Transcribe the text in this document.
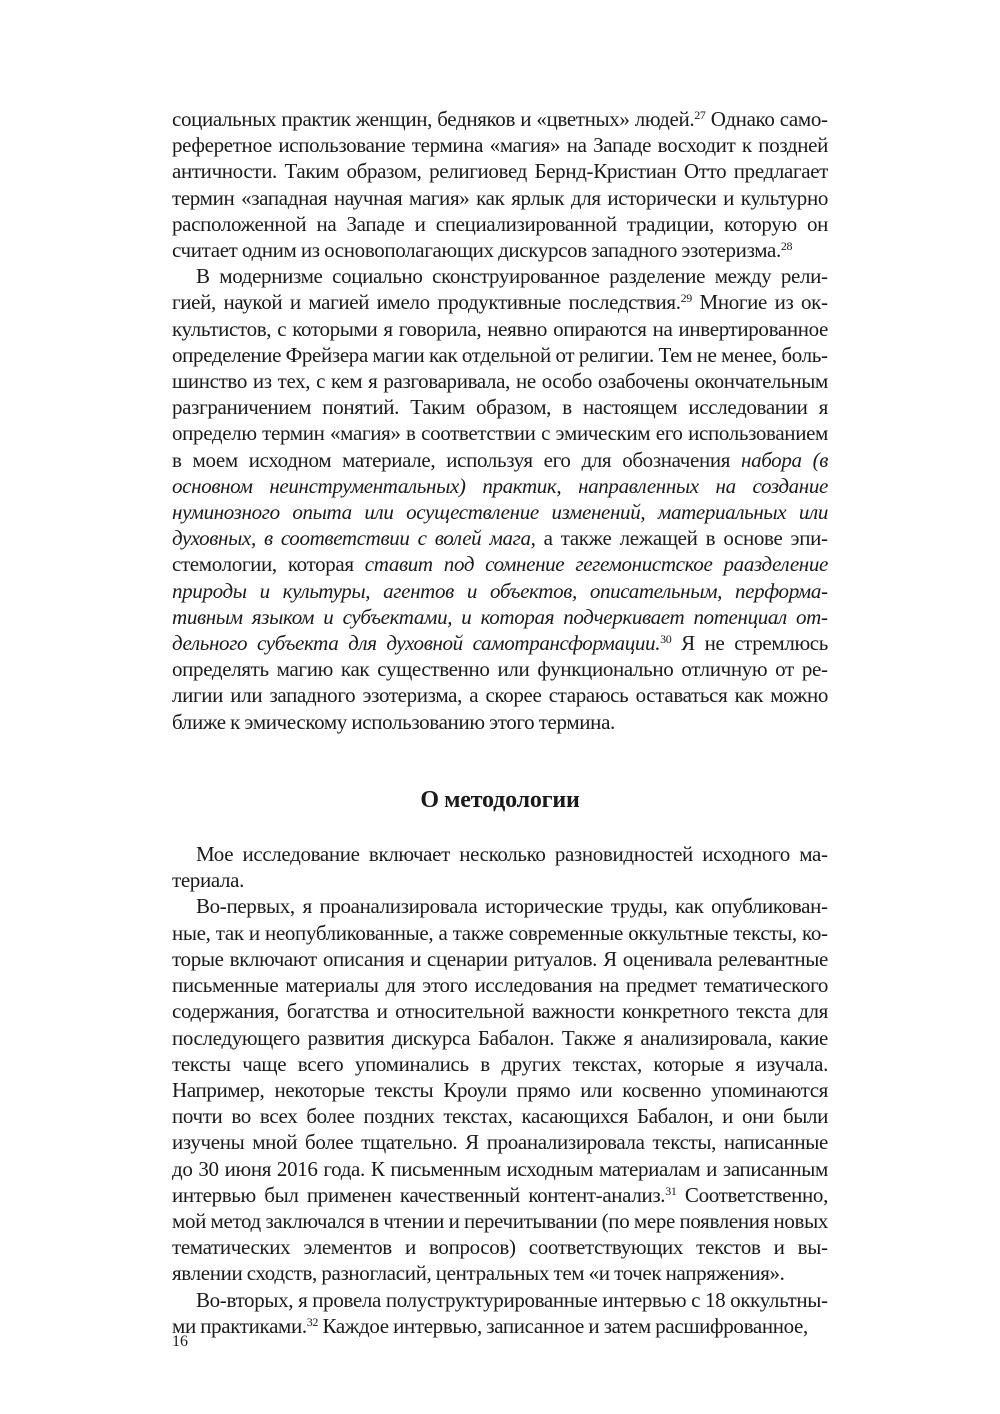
социальных практик женщин, бедняков и «цветных» людей.$^{27}$ Однако самореферетное использование термина «магия» на Западе восходит к поздней античности. Таким образом, религиовед Бернд-Кристиан Отто предлагает термин «западная научная магия» как ярлык для исторически и культурно расположенной на Западе и специализированной традиции, которую он считает одним из основополагающих дискурсов западного эзотеризма.$^{28}$

В модернизме социально сконструированное разделение между религией, наукой и магией имело продуктивные последствия.$^{29}$ Многие из оккультистов, с которыми я говорила, неявно опираются на инвертированное определение Фрейзера магии как отдельной от религии. Тем не менее, большинство из тех, с кем я разговаривала, не особо озабочены окончательным разграничением понятий. Таким образом, в настоящем исследовании я определю термин «магия» в соответствии с эмическим его использованием в моем исходном материале, используя его для обозначения набора (в основном неинструментальных) практик, направленных на создание нуминозного опыта или осуществление изменений, материальных или духовных, в соответствии с волей мага, а также лежащей в основе эпистемологии, которая ставит под сомнение гегемонистское раазделение природы и культуры, агентов и объектов, описательным, перформативным языком и субъектами, и которая подчеркивает потенциал отдельного субъекта для духовной самотрансформации.$^{30}$ Я не стремлюсь определять магию как существенно или функционально отличную от религии или западного эзотеризма, а скорее стараюсь оставаться как можно ближе к эмическому использованию этого термина.

О методологии

Мое исследование включает несколько разновидностей исходного материала.

Во-первых, я проанализировала исторические труды, как опубликованные, так и неопубликованные, а также современные оккультные тексты, которые включают описания и сценарии ритуалов. Я оценивала релевантные письменные материалы для этого исследования на предмет тематического содержания, богатства и относительной важности конкретного текста для последующего развития дискурса Бабалон. Также я анализировала, какие тексты чаще всего упоминались в других текстах, которые я изучала. Например, некоторые тексты Кроули прямо или косвенно упоминаются почти во всех более поздних текстах, касающихся Бабалон, и они были изучены мной более тщательно. Я проанализировала тексты, написанные до 30 июня 2016 года. К письменным исходным материалам и записанным интервью был применен качественный контент-анализ.$^{31}$ Соответственно, мой метод заключался в чтении и перечитывании (по мере появления новых тематических элементов и вопросов) соответствующих текстов и выявлении сходств, разногласий, центральных тем «и точек напряжения».

Во-вторых, я провела полуструктурированные интервью с 18 оккультными практиками.$^{32}$ Каждое интервью, записанное и затем расшифрованное,

16
